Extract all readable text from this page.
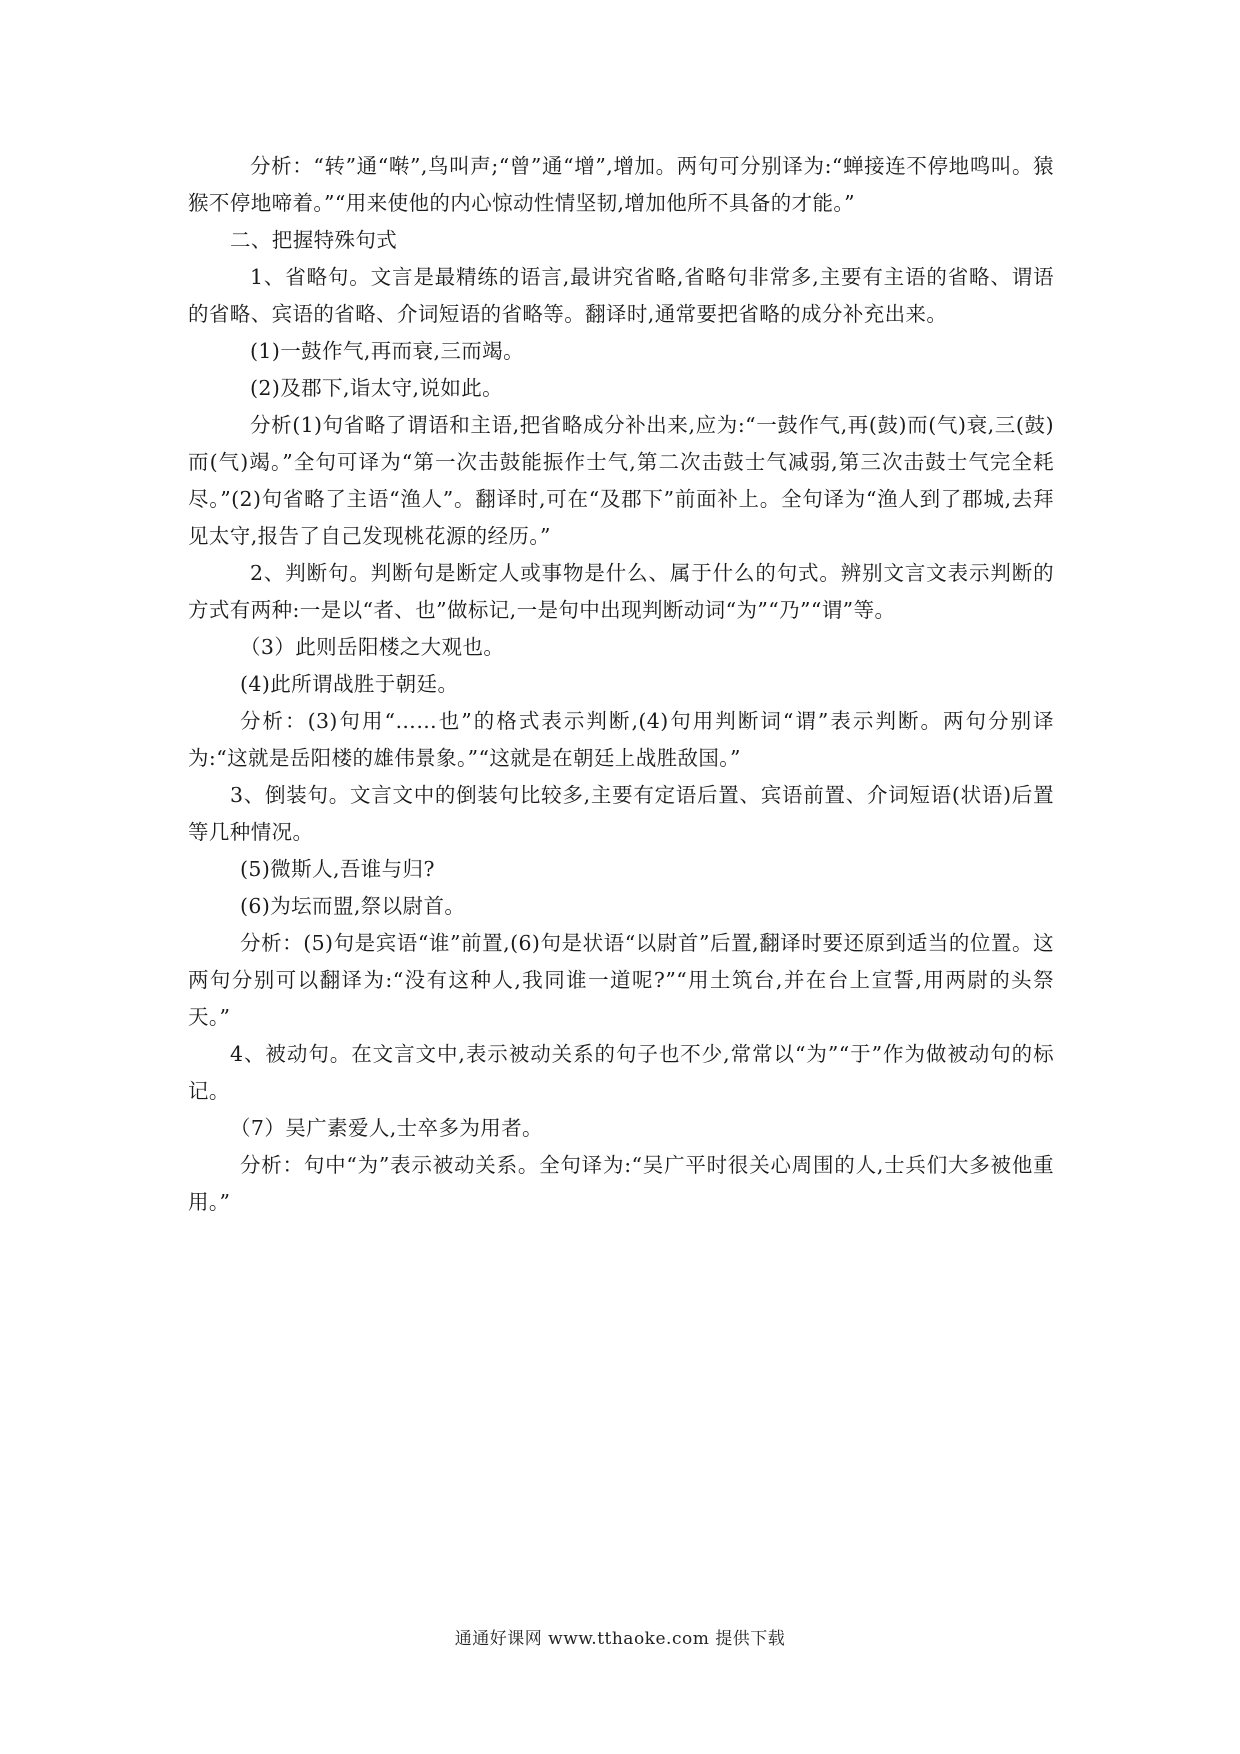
分析：“转”通“啭”,鸟叫声;“曾”通“增”,增加。两句可分别译为:“蝉接连不停地鸣叫。猿猴不停地啼着。”“用来使他的内心惊动性情坚韧,增加他所不具备的才能。”

二、把握特殊句式

1、省略句。文言是最精练的语言,最讲究省略,省略句非常多,主要有主语的省略、谓语的省略、宾语的省略、介词短语的省略等。翻译时,通常要把省略的成分补充出来。

(1)一鼓作气,再而衰,三而竭。

(2)及郡下,诣太守,说如此。

分析(1)句省略了谓语和主语,把省略成分补出来,应为:“一鼓作气,再(鼓)而(气)衰,三(鼓)而(气)竭。”全句可译为“第一次击鼓能振作士气,第二次击鼓士气减弱,第三次击鼓士气完全耗尽。”(2)句省略了主语“渔人”。翻译时,可在“及郡下”前面补上。全句译为“渔人到了郡城,去拜见太守,报告了自己发现桃花源的经历。”

2、判断句。判断句是断定人或事物是什么、属于什么的句式。辨别文言文表示判断的方式有两种:一是以“者、也”做标记,一是句中出现判断动词“为”“乃”“谓”等。

（3）此则岳阳楼之大观也。

(4)此所谓战胜于朝廷。

分析：(3)句用“……也”的格式表示判断,(4)句用判断词“谓”表示判断。两句分别译为:“这就是岳阳楼的雄伟景象。”“这就是在朝廷上战胜敌国。”

3、倒装句。文言文中的倒装句比较多,主要有定语后置、宾语前置、介词短语(状语)后置等几种情况。

(5)微斯人,吾谁与归?

(6)为坛而盟,祭以尉首。

分析：(5)句是宾语“谁”前置,(6)句是状语“以尉首”后置,翻译时要还原到适当的位置。这两句分别可以翻译为:“没有这种人,我同谁一道呢?”“用土筑台,并在台上宣誓,用两尉的头祭天。”

4、被动句。在文言文中,表示被动关系的句子也不少,常常以“为”“于”作为做被动句的标记。

（7）吴广素爱人,士卒多为用者。

分析：句中“为”表示被动关系。全句译为:“吴广平时很关心周围的人,士兵们大多被他重用。”

通通好课网 www.tthaoke.com 提供下载
